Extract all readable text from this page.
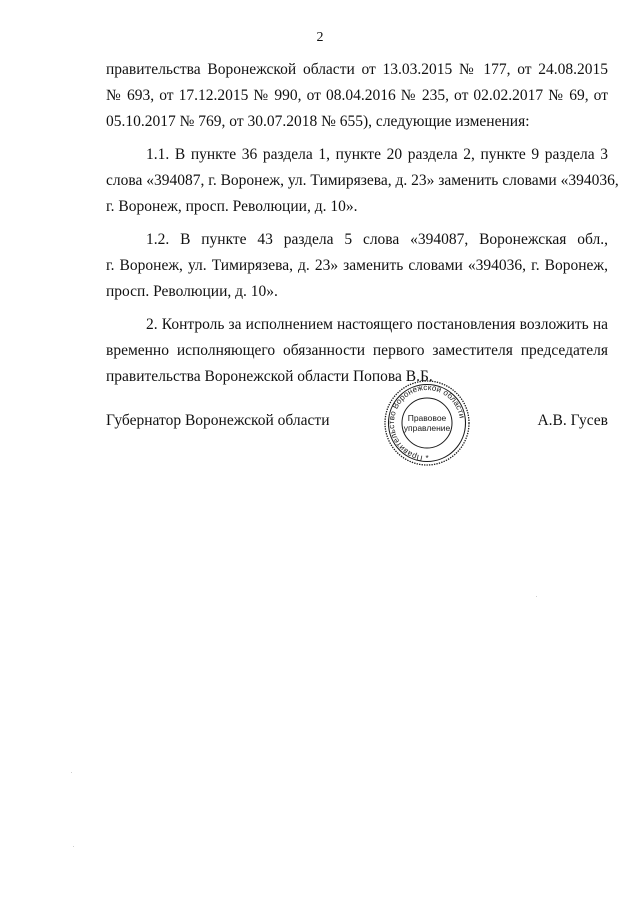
2
правительства Воронежской области от 13.03.2015 № 177, от 24.08.2015
№ 693, от 17.12.2015 № 990, от 08.04.2016 № 235, от 02.02.2017 № 69, от
05.10.2017 № 769, от 30.07.2018 № 655), следующие изменения:
1.1. В пункте 36 раздела 1, пункте 20 раздела 2, пункте 9 раздела 3
слова «394087, г. Воронеж, ул. Тимирязева, д. 23» заменить словами «394036,
г. Воронеж, просп. Революции, д. 10».
1.2. В пункте 43 раздела 5 слова «394087, Воронежская обл.,
г. Воронеж, ул. Тимирязева, д. 23» заменить словами «394036, г. Воронеж,
просп. Революции, д. 10».
2. Контроль за исполнением настоящего постановления возложить на
временно исполняющего обязанности первого заместителя председателя
правительства Воронежской области Попова В.Б.
Губернатор Воронежской области	А.В. Гусев
Правительство Воронежской области
Правовое
управление
*
